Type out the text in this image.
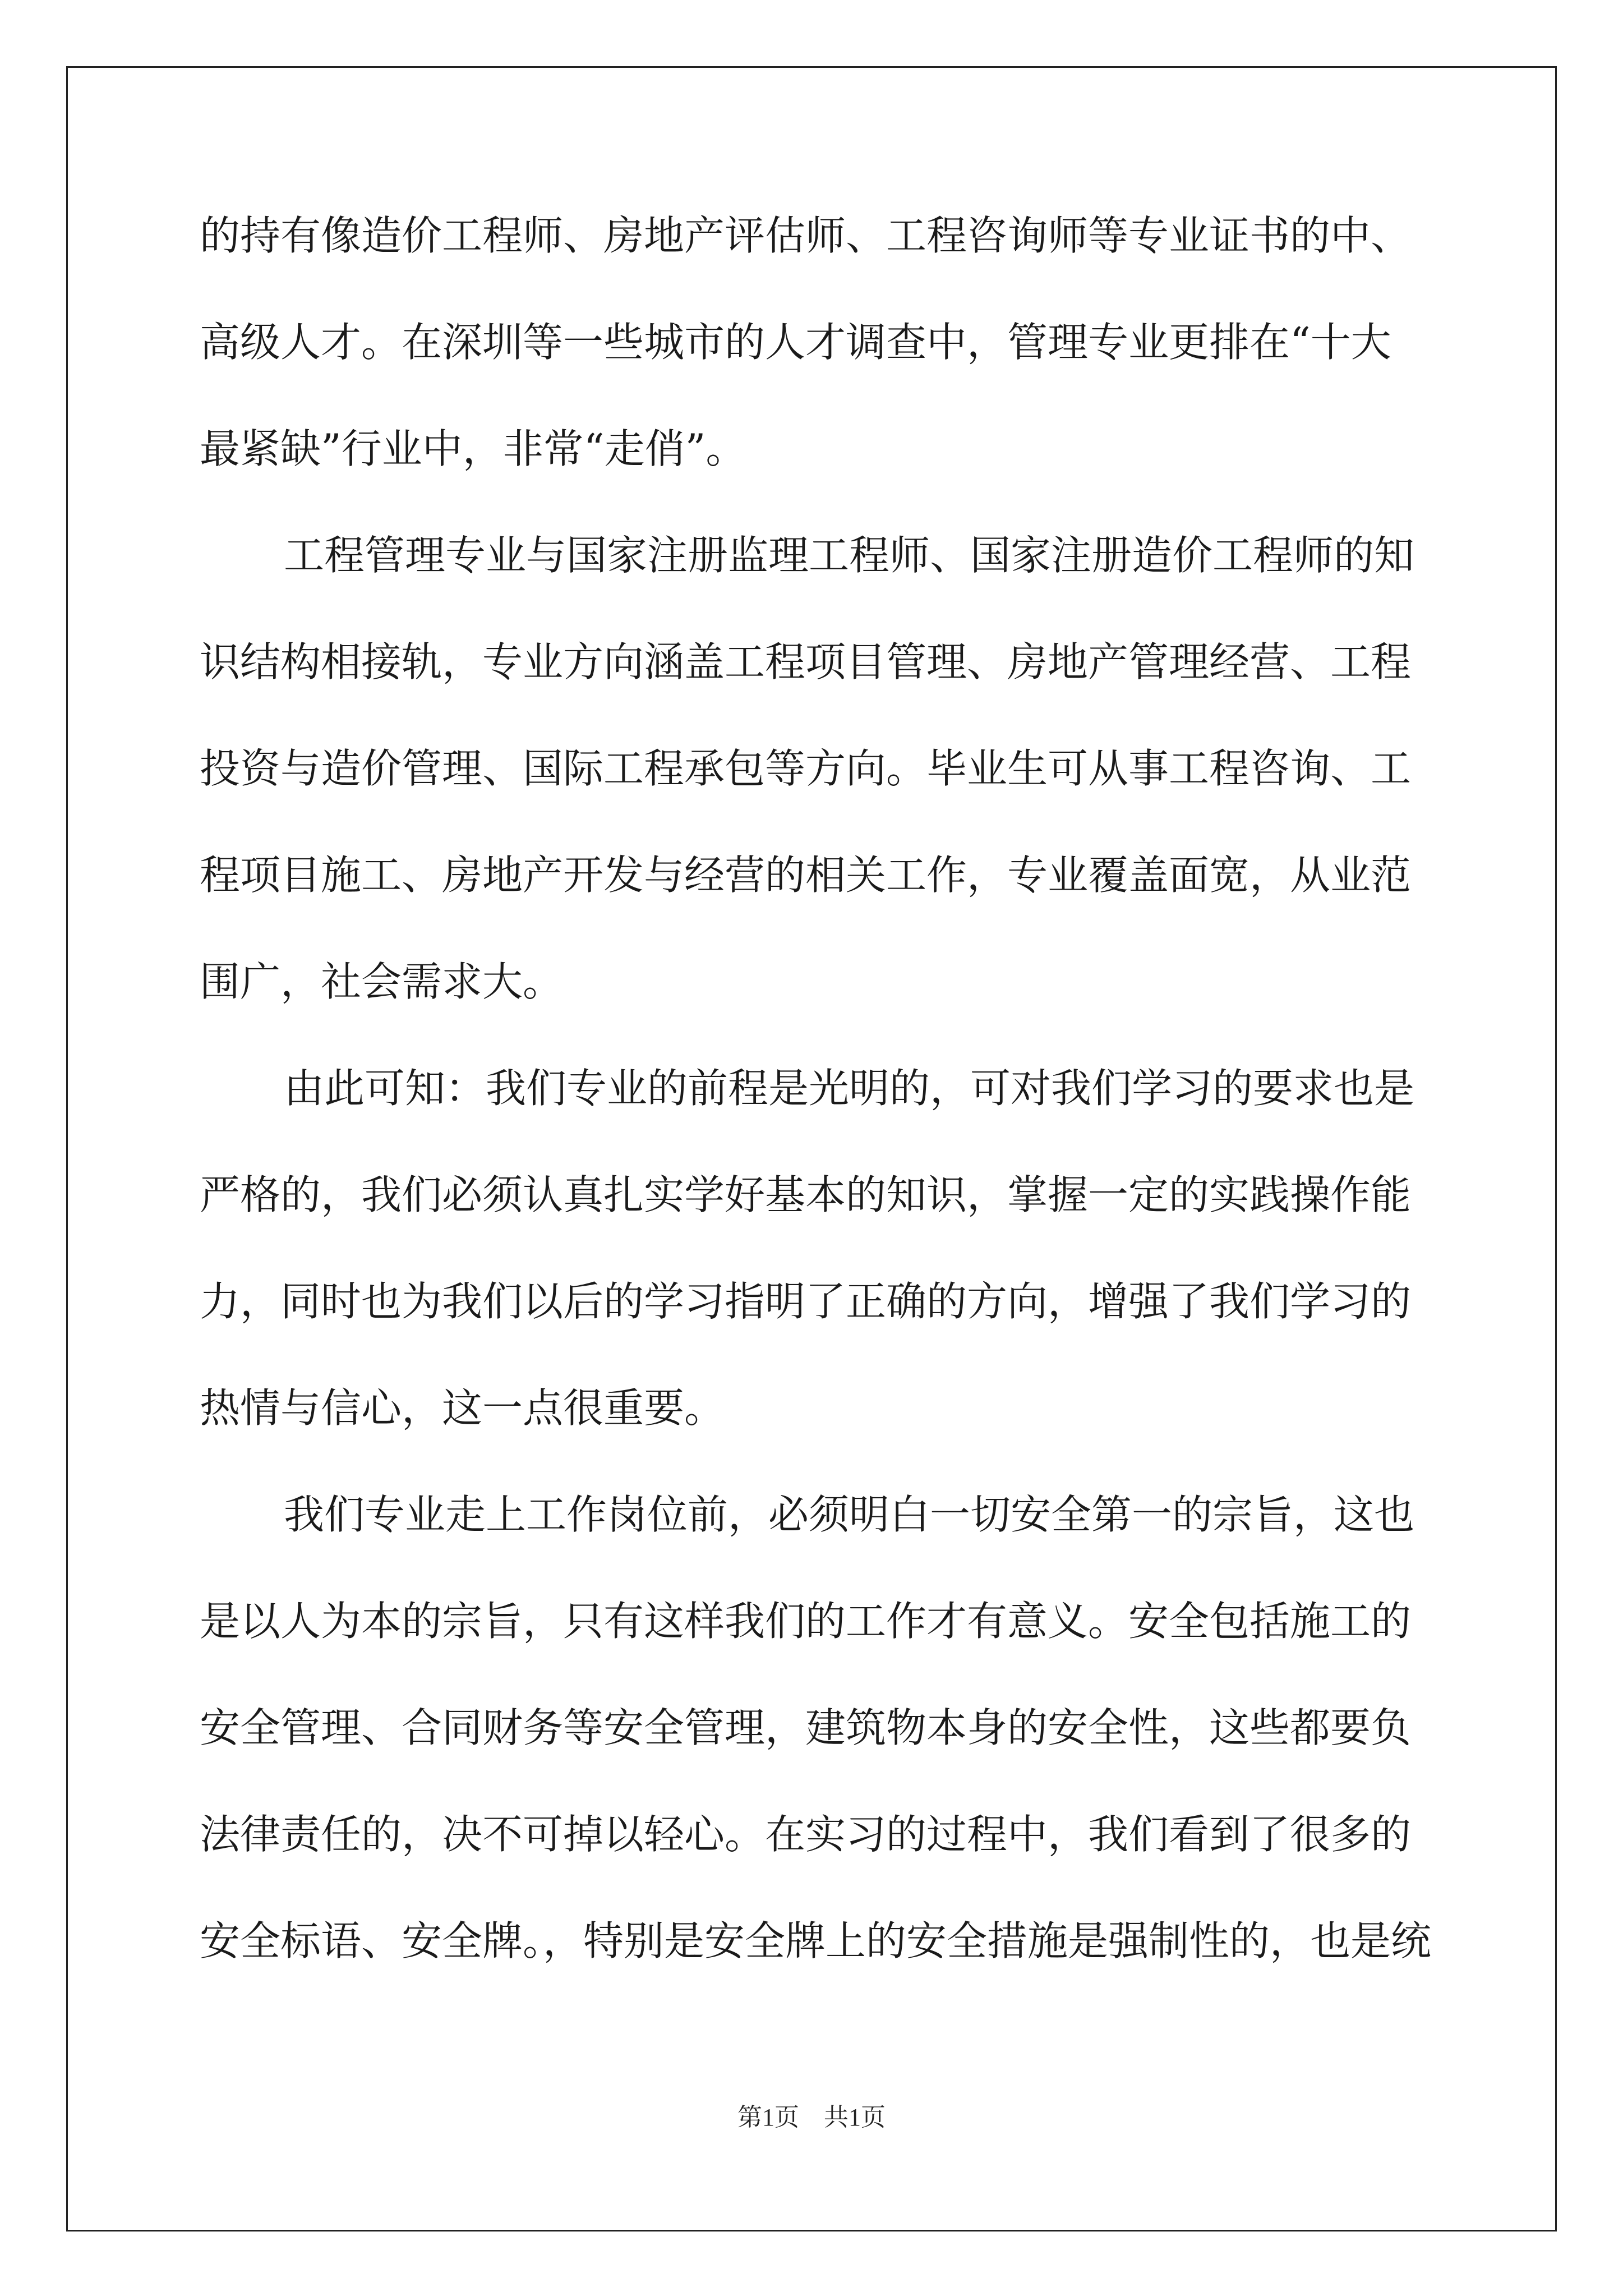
的持有像造价工程师、房地产评估师、工程咨询师等专业证书的中、
高级人才。在深圳等一些城市的人才调查中，管理专业更排在“十大
最紧缺”行业中，非常“走俏”。
工程管理专业与国家注册监理工程师、国家注册造价工程师的知
识结构相接轨，专业方向涵盖工程项目管理、房地产管理经营、工程
投资与造价管理、国际工程承包等方向。毕业生可从事工程咨询、工
程项目施工、房地产开发与经营的相关工作，专业覆盖面宽，从业范
围广，社会需求大。
由此可知：我们专业的前程是光明的，可对我们学习的要求也是
严格的，我们必须认真扎实学好基本的知识，掌握一定的实践操作能
力，同时也为我们以后的学习指明了正确的方向，增强了我们学习的
热情与信心，这一点很重要。
我们专业走上工作岗位前，必须明白一切安全第一的宗旨，这也
是以人为本的宗旨，只有这样我们的工作才有意义。安全包括施工的
安全管理、合同财务等安全管理，建筑物本身的安全性，这些都要负
法律责任的，决不可掉以轻心。在实习的过程中，我们看到了很多的
安全标语、安全牌。，特别是安全牌上的安全措施是强制性的，也是统
第1页　共1页
